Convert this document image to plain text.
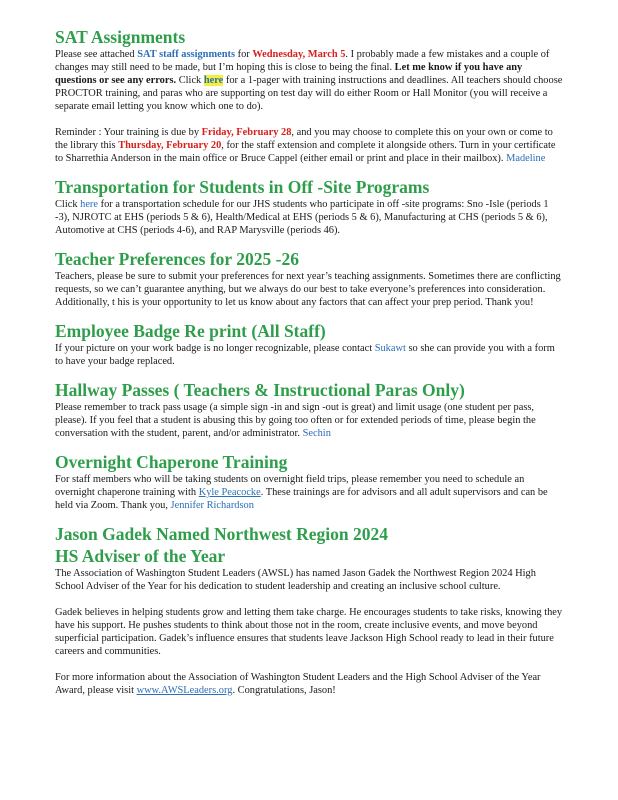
SAT Assignments

Please see attached SAT staff assignments for Wednesday, March 5. I probably made a few mistakes and a couple of changes may still need to be made, but I’m hoping this is close to being the final. Let me know if you have any questions or see any errors. Click here for a 1-pager with training instructions and deadlines. All teachers should choose PROCTOR training, and paras who are supporting on test day will do either Room or Hall Monitor (you will receive a separate email letting you know which one to do).

Reminder : Your training is due by Friday, February 28, and you may choose to complete this on your own or come to the library this Thursday, February 20, for the staff extension and complete it alongside others. Turn in your certificate to Sharrethia Anderson in the main office or Bruce Cappel (either email or print and place in their mailbox). Madeline

Transportation for Students in Off -Site Programs

Click here for a transportation schedule for our JHS students who participate in off -site programs: Sno -Isle (periods 1 -3), NJROTC at EHS (periods 5 & 6), Health/Medical at EHS (periods 5 & 6), Manufacturing at CHS (periods 5 & 6), Automotive at CHS (periods 4-6), and RAP Marysville (periods 46).

Teacher Preferences for 2025 -26

Teachers, please be sure to submit your preferences for next year’s teaching assignments. Sometimes there are conflicting requests, so we can’t guarantee anything, but we always do our best to take everyone’s preferences into consideration. Additionally, t his is your opportunity to let us know about any factors that can affect your prep period. Thank you!

Employee Badge Re print (All Staff)

If your picture on your work badge is no longer recognizable, please contact Sukawt so she can provide you with a form to have your badge replaced.

Hallway Passes ( Teachers & Instructional Paras Only)

Please remember to track pass usage (a simple sign -in and sign -out is great) and limit usage (one student per pass, please). If you feel that a student is abusing this by going too often or for extended periods of time, please begin the conversation with the student, parent, and/or administrator. Sechin

Overnight Chaperone Training

For staff members who will be taking students on overnight field trips, please remember you need to schedule an overnight chaperone training with Kyle Peacocke. These trainings are for advisors and all adult supervisors and can be held via Zoom. Thank you, Jennifer Richardson

Jason Gadek Named Northwest Region 2024
HS Adviser of the Year

The Association of Washington Student Leaders (AWSL) has named Jason Gadek the Northwest Region 2024 High School Adviser of the Year for his dedication to student leadership and creating an inclusive school culture.

Gadek believes in helping students grow and letting them take charge. He encourages students to take risks, knowing they have his support. He pushes students to think about those not in the room, create inclusive events, and move beyond superficial participation. Gadek’s influence ensures that students leave Jackson High School ready to lead in their future careers and communities.

For more information about the Association of Washington Student Leaders and the High School Adviser of the Year Award, please visit www.AWSLeaders.org. Congratulations, Jason!
